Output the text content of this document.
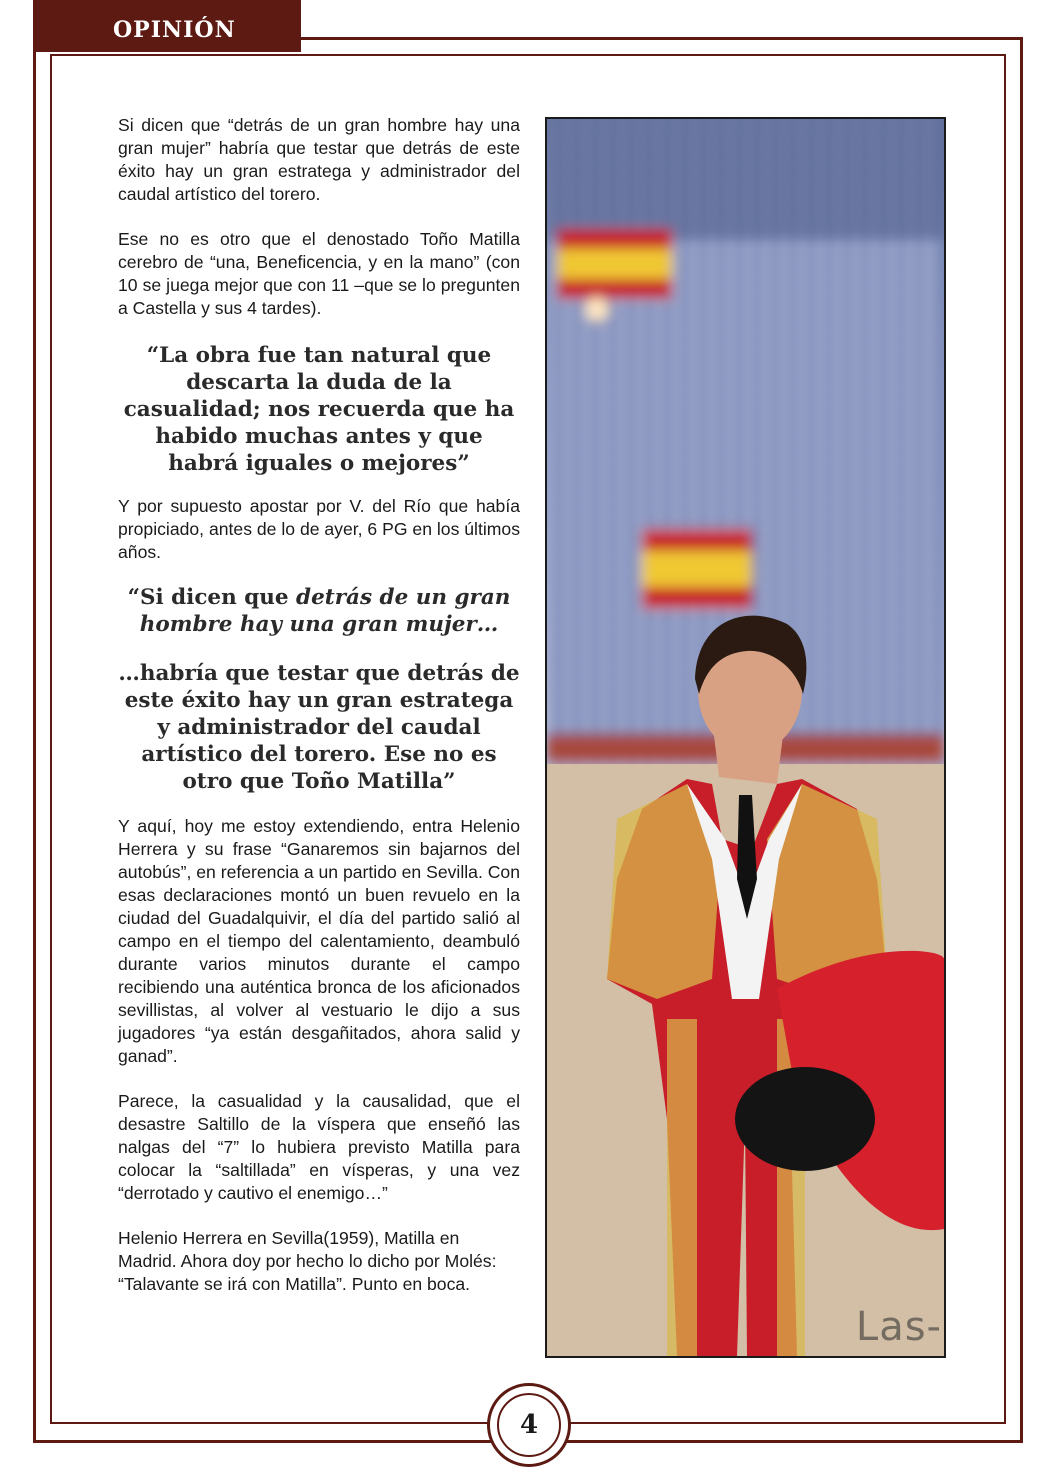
OPINIÓN

Si dicen que “detrás de un gran hombre hay una gran mujer” habría que testar que detrás de este éxito hay un gran estratega y administrador del caudal artístico del torero.

Ese no es otro que el denostado Toño Matilla cerebro de “una, Beneficencia, y en la mano” (con 10 se juega mejor que con 11 –que se lo pregunten a Castella y sus 4 tardes).

“La obra fue tan natural que descarta la duda de la casualidad; nos recuerda que ha habido muchas antes y que habrá iguales o mejores”

Y por supuesto apostar por V. del Río que había propiciado, antes de lo de ayer, 6 PG en los últimos años.

“Si dicen que detrás de un gran hombre hay una gran mujer…
…habría que testar que detrás de este éxito hay un gran estratega y administrador del caudal artístico del torero. Ese no es otro que Toño Matilla”

Y aquí, hoy me estoy extendiendo, entra Helenio Herrera y su frase “Ganaremos sin bajarnos del autobús”, en referencia a un partido en Sevilla. Con esas declaraciones montó un buen revuelo en la ciudad del Guadalquivir, el día del partido salió al campo en el tiempo del calentamiento, deambuló durante varios minutos durante el campo recibiendo una auténtica bronca de los aficionados sevillistas, al volver al vestuario le dijo a sus jugadores “ya están desgañitados, ahora salid y ganad”.

Parece, la casualidad y la causalidad, que el desastre Saltillo de la víspera que enseñó las nalgas del “7” lo hubiera previsto Matilla para colocar la “saltillada” en vísperas, y una vez “derrotado y cautivo el enemigo…”

Helenio Herrera en Sevilla(1959), Matilla en Madrid. Ahora doy por hecho lo dicho por Molés: “Talavante se irá con Matilla”. Punto en boca.

Las-
4
